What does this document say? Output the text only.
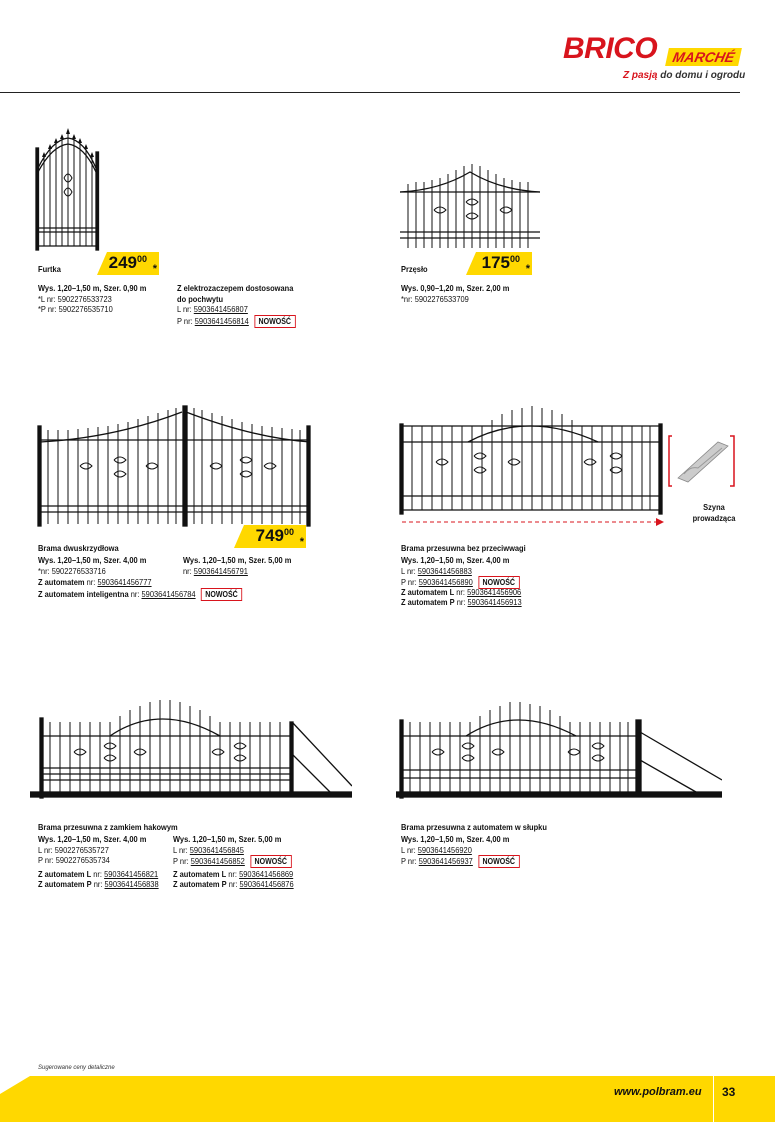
BRICO	MARCHÉ
Z pasją do domu i ogrodu
Furtka	$249^{00}$
*
Wys. 1,20–1,50 m, Szer. 0,90 m
*L nr: 5902276533723
*P nr: 5902276535710
Z elektrozaczepem dostosowana
do pochwytu
L nr: 5903641456807
P nr: 5903641456814 NOWOŚĆ
Przęsło	$175^{00}$
*
Wys. 0,90–1,20 m, Szer. 2,00 m
*nr: 5902276533709
$749^{00}$
*
Brama dwuskrzydłowa
Wys. 1,20–1,50 m, Szer. 4,00 m
*nr: 5902276533716
Wys. 1,20–1,50 m, Szer. 5,00 m
nr: 5903641456791
Z automatem nr: 5903641456777
Z automatem inteligentna nr: 5903641456784 NOWOŚĆ
Szyna
prowadząca
Brama przesuwna bez przeciwwagi
Wys. 1,20–1,50 m, Szer. 4,00 m
L nr: 5903641456883
P nr: 5903641456890 NOWOŚĆ
Z automatem L nr: 5903641456906
Z automatem P nr: 5903641456913
Brama przesuwna z zamkiem hakowym
Wys. 1,20–1,50 m, Szer. 4,00 m
L nr: 5902276535727
P nr: 5902276535734
Z automatem L nr: 5903641456821
Z automatem P nr: 5903641456838
Wys. 1,20–1,50 m, Szer. 5,00 m
L nr: 5903641456845
P nr: 5903641456852 NOWOŚĆ
Z automatem L nr: 5903641456869
Z automatem P nr: 5903641456876
Brama przesuwna z automatem w słupku
Wys. 1,20–1,50 m, Szer. 4,00 m
L nr: 5903641456920
P nr: 5903641456937 NOWOŚĆ
Sugerowane ceny detaliczne
www.polbram.eu 33
